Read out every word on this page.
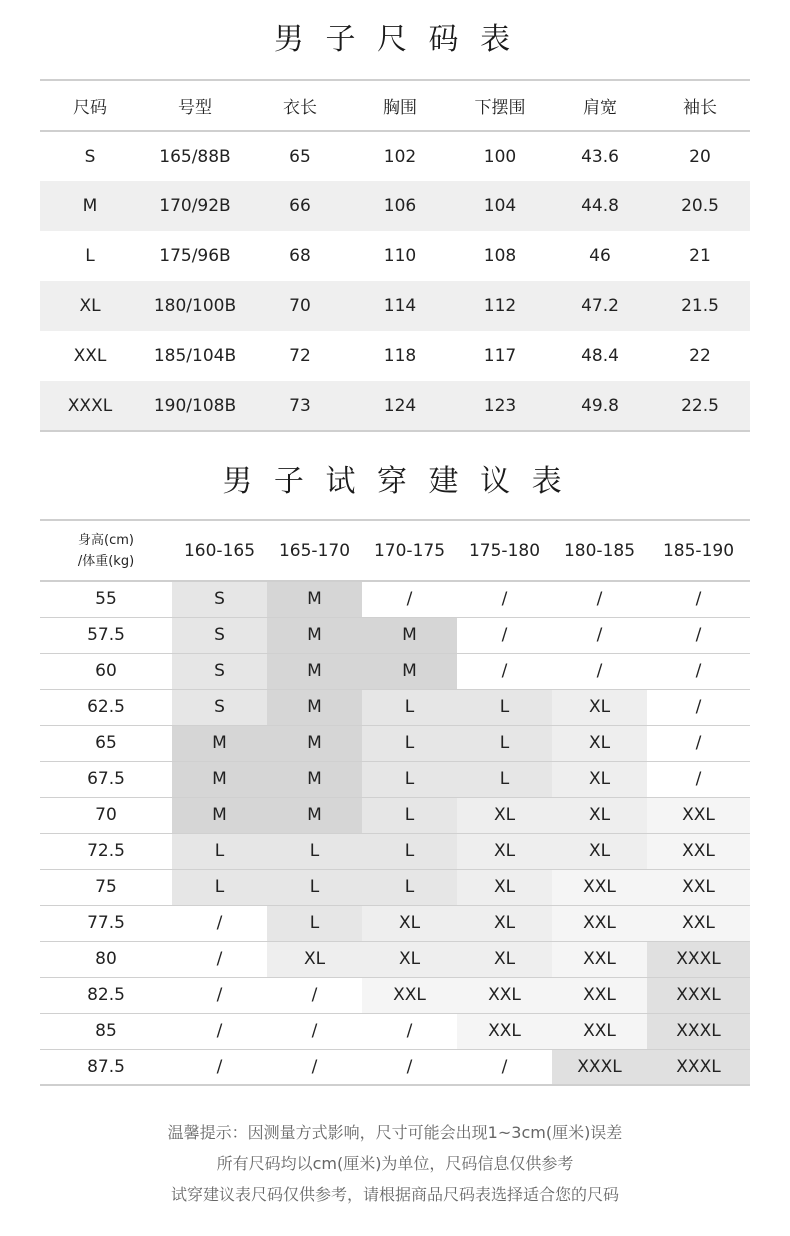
男 子 尺 码 表
尺码	号型	衣长	胸围	下摆围	肩宽	袖长
S	165/88B	65	102	100	43.6	20
M	170/92B	66	106	104	44.8	20.5
L	175/96B	68	110	108	46	21
XL	180/100B	70	114	112	47.2	21.5
XXL	185/104B	72	118	117	48.4	22
XXXL	190/108B	73	124	123	49.8	22.5
男 子 试 穿 建 议 表
身高(cm)
/体重(kg)	160-165	165-170	170-175	175-180	180-185	185-190
55	S	M	/	/	/	/
57.5	S	M	M	/	/	/
60	S	M	M	/	/	/
62.5	S	M	L	L	XL	/
65	M	M	L	L	XL	/
67.5	M	M	L	L	XL	/
70	M	M	L	XL	XL	XXL
72.5	L	L	L	XL	XL	XXL
75	L	L	L	XL	XXL	XXL
77.5	/	L	XL	XL	XXL	XXL
80	/	XL	XL	XL	XXL	XXXL
82.5	/	/	XXL	XXL	XXL	XXXL
85	/	/	/	XXL	XXL	XXXL
87.5	/	/	/	/	XXXL	XXXL
温馨提示：因测量方式影响，尺寸可能会出现1~3cm(厘米)误差
所有尺码均以cm(厘米)为单位，尺码信息仅供参考
试穿建议表尺码仅供参考，请根据商品尺码表选择适合您的尺码
